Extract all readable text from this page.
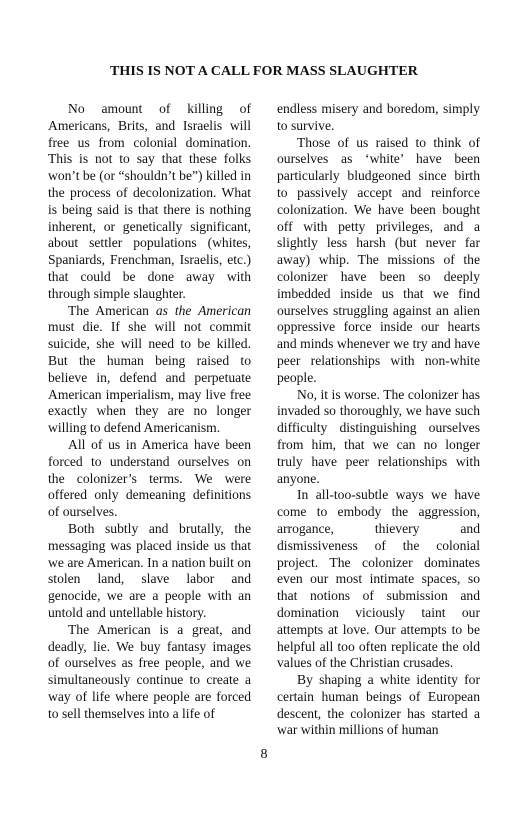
THIS IS NOT A CALL FOR MASS SLAUGHTER

No amount of killing of Americans, Brits, and Israelis will free us from colonial domination. This is not to say that these folks won’t be (or “shouldn’t be”) killed in the process of decolonization. What is being said is that there is nothing inherent, or genetically significant, about settler populations (whites, Spaniards, Frenchman, Israelis, etc.) that could be done away with through simple slaughter.

The American as the American must die. If she will not commit suicide, she will need to be killed. But the human being raised to believe in, defend and perpetuate American imperialism, may live free exactly when they are no longer willing to defend Americanism.

All of us in America have been forced to understand ourselves on the colonizer’s terms. We were offered only demeaning definitions of ourselves.

Both subtly and brutally, the messaging was placed inside us that we are American. In a nation built on stolen land, slave labor and genocide, we are a people with an untold and untellable history.

The American is a great, and deadly, lie. We buy fantasy images of ourselves as free people, and we simultaneously continue to create a way of life where people are forced to sell themselves into a life of

endless misery and boredom, simply to survive.

Those of us raised to think of ourselves as ‘white’ have been particularly bludgeoned since birth to passively accept and reinforce colonization. We have been bought off with petty privileges, and a slightly less harsh (but never far away) whip. The missions of the colonizer have been so deeply imbedded inside us that we find ourselves struggling against an alien oppressive force inside our hearts and minds whenever we try and have peer relationships with non-white people.

No, it is worse. The colonizer has invaded so thoroughly, we have such difficulty distinguishing ourselves from him, that we can no longer truly have peer relationships with anyone.

In all-too-subtle ways we have come to embody the aggression, arrogance, thievery and dismissiveness of the colonial project. The colonizer dominates even our most intimate spaces, so that notions of submission and domination viciously taint our attempts at love. Our attempts to be helpful all too often replicate the old values of the Christian crusades.

By shaping a white identity for certain human beings of European descent, the colonizer has started a war within millions of human

8
